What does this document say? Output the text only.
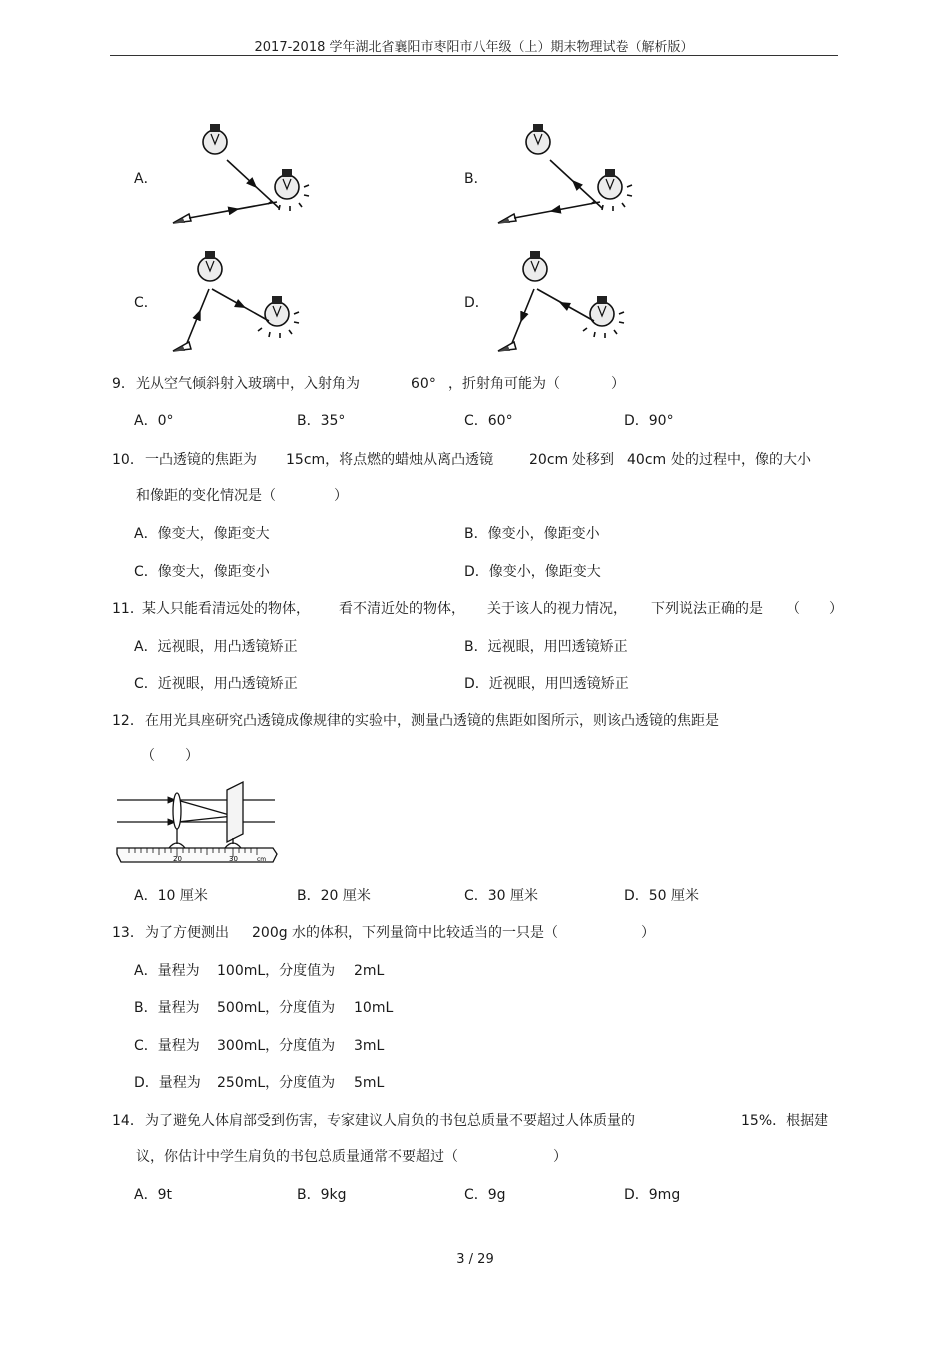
2017-2018 学年湖北省襄阳市枣阳市八年级（上）期末物理试卷（解析版）
A．	B．
C．	D．
9． 光从空气倾斜射入玻璃中，入射角为	60° ，折射角可能为（	）
A．0°	B．35°	C．60°	D．90°
10． 一凸透镜的焦距为 15cm，将点燃的蜡烛从离凸透镜	20cm 处移到 40cm 处的过程中，像的大小
和像距的变化情况是（	）
A．像变大，像距变大	B．像变小，像距变小
C．像变大，像距变小	D．像变小，像距变大
11．
某人只能看清远处的物体， 看不清近处的物体， 关于该人的视力情况， 下列说法正确的是 （ ）
A．远视眼，用凸透镜矫正	B．远视眼，用凹透镜矫正
C．近视眼，用凸透镜矫正	D．近视眼，用凹透镜矫正
12． 在用光具座研究凸透镜成像规律的实验中，测量凸透镜的焦距如图所示，则该凸透镜的焦距是
（ ）
20	30	cm
A．10 厘米	B．20 厘米	C．30 厘米	D．50 厘米
13． 为了方便测出 200g 水的体积，下列量筒中比较适当的一只是（	）
A．量程为 100mL，分度值为 2mL
B．量程为 500mL，分度值为 10mL
C．量程为 300mL，分度值为 3mL
D．量程为 250mL，分度值为 5mL
14． 为了避免人体肩部受到伤害，专家建议人肩负的书包总质量不要超过人体质量的	15%．根据建
议，你估计中学生肩负的书包总质量通常不要超过（	）
A．9t	B．9kg	C．9g	D．9mg
3 / 29
